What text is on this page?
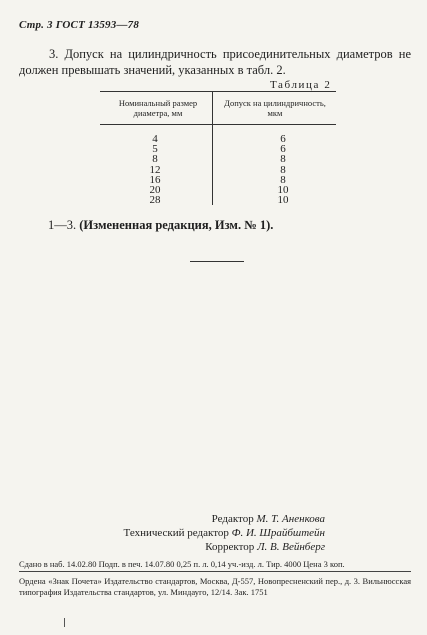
Стр. 3 ГОСТ 13593—78
3. Допуск на цилиндричность присоединительных диаметров не должен превышать значений, указанных в табл. 2.
Таблица 2
Номинальный размер диаметра, мм
Допуск на цилиндричность, мкм
4
5
8
12
16
20
28
6
6
8
8
8
10
10
1—3. (Измененная редакция, Изм. № 1).
Редактор М. Т. Аненкова
Технический редактор Ф. И. Шрайбштейн
Корректор Л. В. Вейнберг
Сдано в наб. 14.02.80 Подп. в печ. 14.07.80 0,25 п. л. 0,14 уч.-изд. л. Тир. 4000 Цена 3 коп.
Ордена «Знак Почета» Издательство стандартов, Москва, Д-557, Новопресненский пер., д. 3. Вильнюсская типография Издательства стандартов, ул. Миндауго, 12/14. Зак. 1751
